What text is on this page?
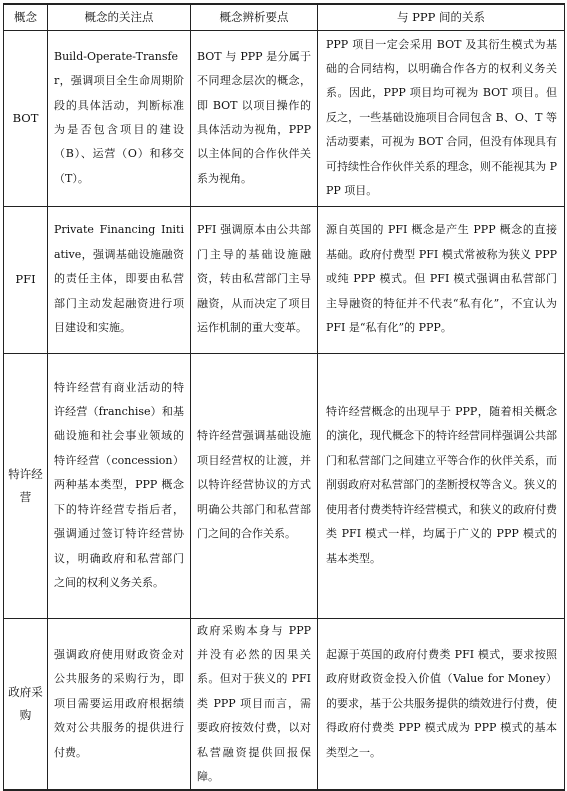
概念	概念的关注点	概念辨析要点	与 PPP 间的关系
BOT	Build-Operate-Transfer，强调项目全生命周期阶段的具体活动，判断标准为是否包含项目的建设（B）、运营（O）和移交（T）。	BOT 与 PPP 是分属于不同理念层次的概念，即 BOT 以项目操作的具体活动为视角，PPP 以主体间的合作伙伴关系为视角。	PPP 项目一定会采用 BOT 及其衍生模式为基础的合同结构，以明确合作各方的权利义务关系。因此，PPP 项目均可视为 BOT 项目。但反之，一些基础设施项目合同包含 B、O、T 等活动要素，可视为 BOT 合同，但没有体现具有可持续性合作伙伴关系的理念，则不能视其为 PPP 项目。
PFI	Private Financing Initiative，强调基础设施融资的责任主体，即要由私营部门主动发起融资进行项目建设和实施。	PFI 强调原本由公共部门主导的基础设施融资，转由私营部门主导融资，从而决定了项目运作机制的重大变革。	源自英国的 PFI 概念是产生 PPP 概念的直接基础。政府付费型 PFI 模式常被称为狭义 PPP 或纯 PPP 模式。但 PFI 模式强调由私营部门主导融资的特征并不代表“私有化”，不宜认为 PFI 是“私有化”的 PPP。
特许经营	特许经营有商业活动的特许经营（franchise）和基础设施和社会事业领域的特许经营（concession）两种基本类型，PPP 概念下的特许经营专指后者，强调通过签订特许经营协议，明确政府和私营部门之间的权利义务关系。	特许经营强调基础设施项目经营权的让渡，并以特许经营协议的方式明确公共部门和私营部门之间的合作关系。	特许经营概念的出现早于 PPP，随着相关概念的演化，现代概念下的特许经营同样强调公共部门和私营部门之间建立平等合作的伙伴关系，而削弱政府对私营部门的垄断授权等含义。狭义的使用者付费类特许经营模式，和狭义的政府付费类 PFI 模式一样，均属于广义的 PPP 模式的基本类型。
政府采购	强调政府使用财政资金对公共服务的采购行为，即项目需要运用政府根据绩效对公共服务的提供进行付费。	政府采购本身与 PPP 并没有必然的因果关系。但对于狭义的 PFI 类 PPP 项目而言，需要政府按效付费，以对私营融资提供回报保障。	起源于英国的政府付费类 PFI 模式，要求按照政府财政资金投入价值（Value for Money）的要求，基于公共服务提供的绩效进行付费，使得政府付费类 PPP 模式成为 PPP 模式的基本类型之一。
